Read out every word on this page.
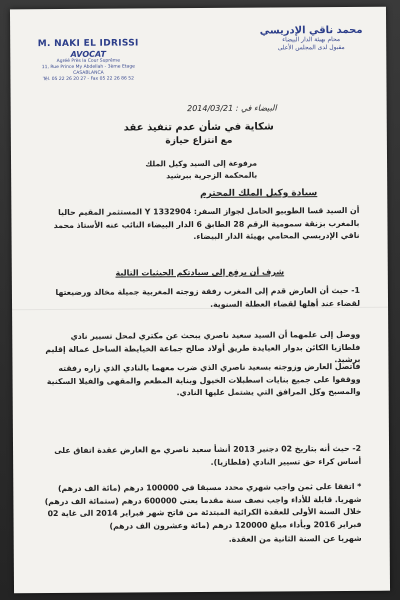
M. NAKI EL IDRISSI
AVOCAT
Agréé Près la Cour Suprême
11, Rue Prince My Abdellah - 3ème Etage
CASABLANCA
Tél. 05 22 26 20 27 - Fax 05 22 26 86 52
محمد ناقي الإدريسي
محام بهيئة الدار البيضاء
مقبول لدى المجلس الأعلى
البيضاء في : 2014/03/21
شكاية في شأن عدم تنفيذ عقد
مع انتزاع حيازة
مرفوعة إلى السيد وكيل الملك
بالمحكمة الزجرية ببرشيد
سيادة وكيل الملك المحترم
أن السيد قسا الطوبيو الحامل لجواز السفر: 1332904 Y المستثمر المقيم حاليا بالمغرب بزنقة سمومية الرقم 28 الطابق 6 الدار البيضاء النائب عنه الأستاذ محمد ناقي الإدريسي المحامي بهيئة الدار البيضاء.
شرف أن يرفع إلى سيادتكم الحيثيات التالية
1- حيث أن العارض قدم إلى المغرب رفقة زوجته المغربية جميلة مخالد ورضيعتها لقضاء عند أهلها لقضاء العطلة السنوية.
ووصل إلى علمهما أن السيد سعيد ناصري يبحث عن مكتري لمحل تسيير نادي فلطازيا الكائن بدوار العيايدة طريق أولاد صالح جماعة الخيايطة الساحل عمالة إقليم برشيد.
فاتصل العارض وزوجته بسعيد ناصري الذي ضرب معهما بالنادي الذي زاره رفقته ووقفوا على جميع بنايات اسطبلات الخيول وبناية المطعم والمقهى والفيلا السكنية والمسبح وكل المرافق التي يشتمل عليها النادي.
2- حيث أنه بتاريخ 02 دجنبر 2013 أنشأ سعيد ناصري مع العارض عقدة اتفاق على أساس كراء حق تسيير النادي (فلطازيا).
* اتفقا على ثمن واجب شهري محدد مسبقا في 100000 درهم (مائة الف درهم) شهريا. قابلة للأداء واجب نصف سنة مقدما يعني 600000 درهم (ستمائة الف درهم) خلال السنة الأولى للعقدة الكرائية المبتدئة من فاتح شهر فبراير 2014 الى غاية 02 فبراير 2016 وبأداء مبلغ 120000 درهم (مائة وعشرون الف درهم)
شهريا عن السنة الثانية من العقدة.
